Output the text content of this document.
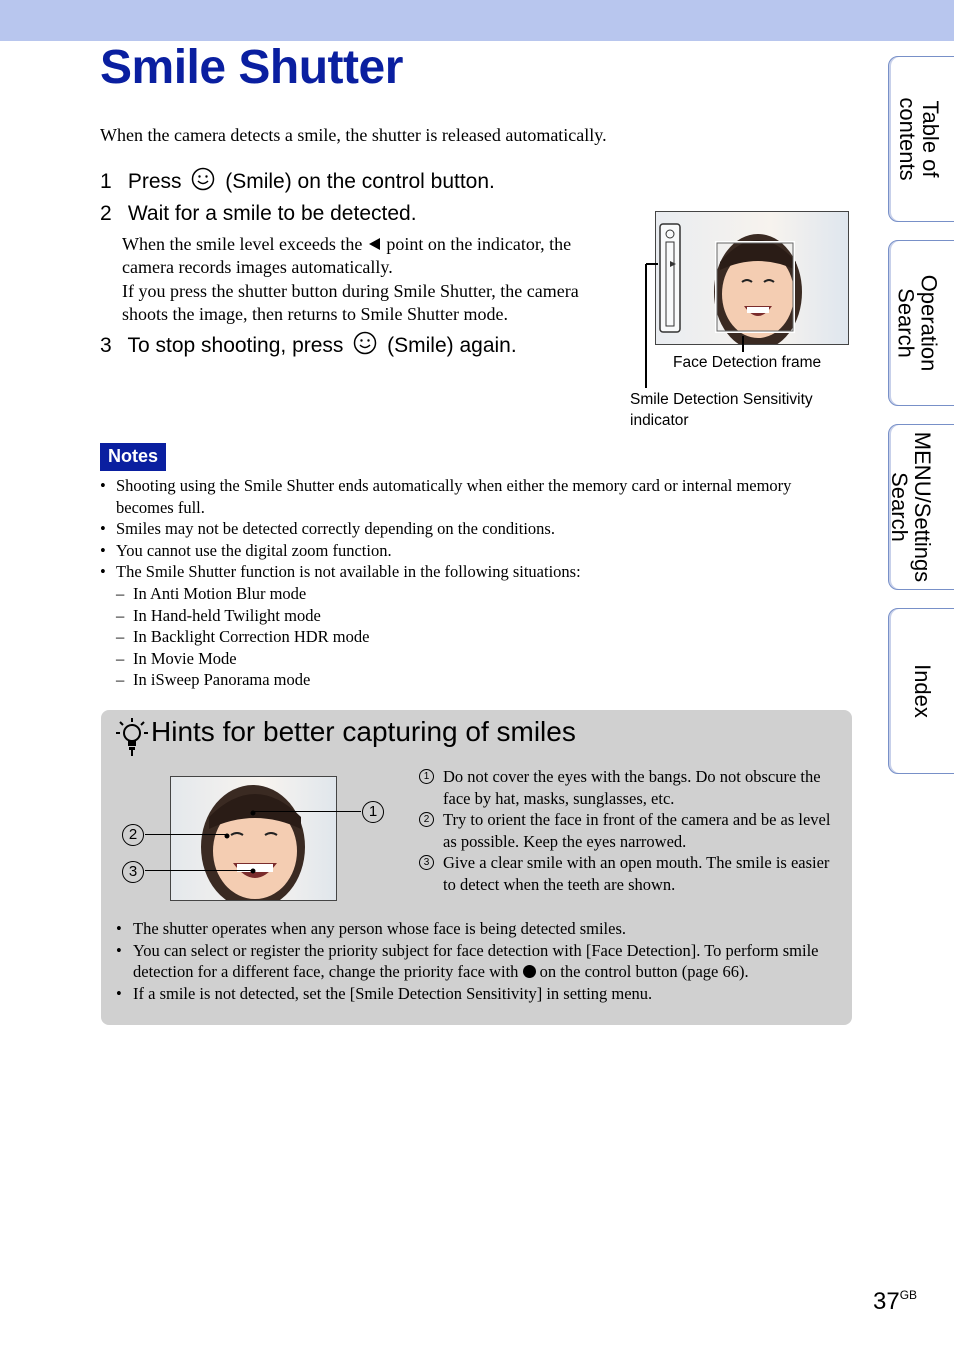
Smile Shutter
When the camera detects a smile, the shutter is released automatically.
1 Press (Smile) on the control button.
2 Wait for a smile to be detected.
When the smile level exceeds the point on the indicator, the camera records images automatically.
If you press the shutter button during Smile Shutter, the camera shoots the image, then returns to Smile Shutter mode.
3 To stop shooting, press (Smile) again.
Face Detection frame
Smile Detection Sensitivity indicator
Notes
• Shooting using the Smile Shutter ends automatically when either the memory card or internal memory becomes full.
• Smiles may not be detected correctly depending on the conditions.
• You cannot use the digital zoom function.
• The Smile Shutter function is not available in the following situations:
– In Anti Motion Blur mode
– In Hand-held Twilight mode
– In Backlight Correction HDR mode
– In Movie Mode
– In iSweep Panorama mode
Hints for better capturing of smiles
1
2
3
1 Do not cover the eyes with the bangs. Do not obscure the face by hat, masks, sunglasses, etc.
2 Try to orient the face in front of the camera and be as level as possible. Keep the eyes narrowed.
3 Give a clear smile with an open mouth. The smile is easier to detect when the teeth are shown.
• The shutter operates when any person whose face is being detected smiles.
• You can select or register the priority subject for face detection with [Face Detection]. To perform smile detection for a different face, change the priority face with on the control button (page 66).
• If a smile is not detected, set the [Smile Detection Sensitivity] in setting menu.
Table of
contents
Operation
Search
MENU/Settings
Search
Index
$37^{GB}$
